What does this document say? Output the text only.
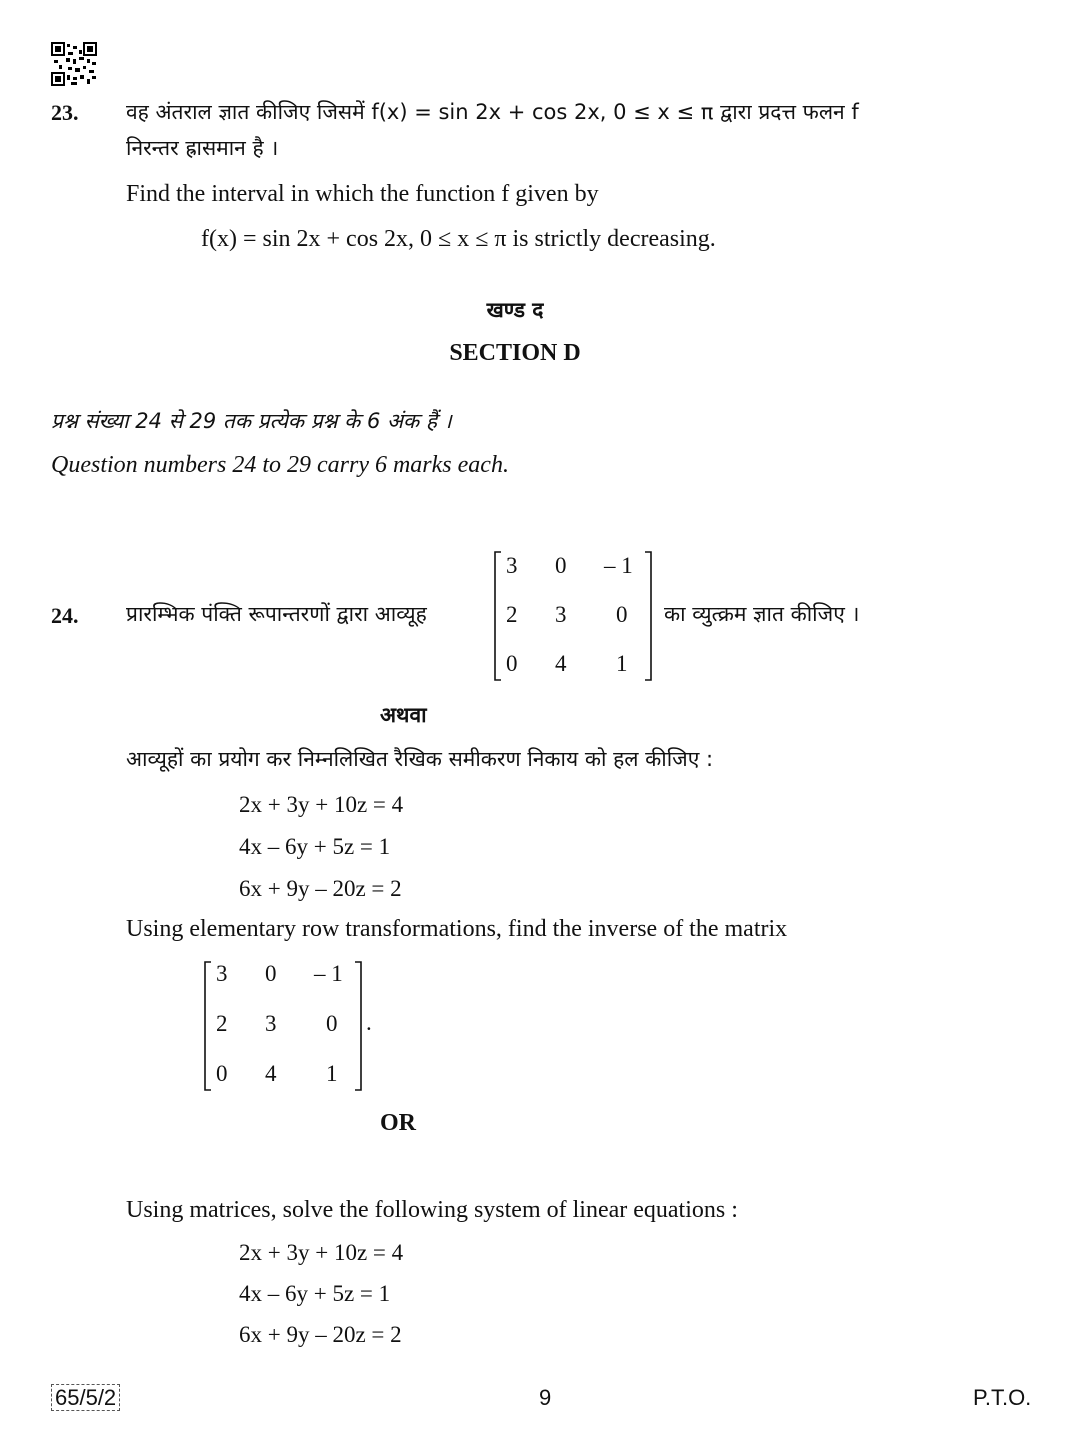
23. वह अंतराल ज्ञात कीजिए जिसमें f(x) = sin 2x + cos 2x, 0 ≤ x ≤ π द्वारा प्रदत्त फलन f
निरन्तर ह्रासमान है ।
Find the interval in which the function f given by
f(x) = sin 2x + cos 2x, 0 ≤ x ≤ π is strictly decreasing.
खण्ड द
SECTION D
प्रश्न संख्या 24 से 29 तक प्रत्येक प्रश्न के 6 अंक हैं ।
Question numbers 24 to 29 carry 6 marks each.
24. प्रारम्भिक पंक्ति रूपान्तरणों द्वारा आव्यूह
3 0 – 1
2 3 0
0 4 1
का व्युत्क्रम ज्ञात कीजिए ।
अथवा
आव्यूहों का प्रयोग कर निम्नलिखित रैखिक समीकरण निकाय को हल कीजिए :
2x + 3y + 10z = 4
4x – 6y + 5z = 1
6x + 9y – 20z = 2
Using elementary row transformations, find the inverse of the matrix
3 0 – 1
2 3 0
0 4 1
.
OR
Using matrices, solve the following system of linear equations :
2x + 3y + 10z = 4
4x – 6y + 5z = 1
6x + 9y – 20z = 2
65/5/2	9	P.T.O.
